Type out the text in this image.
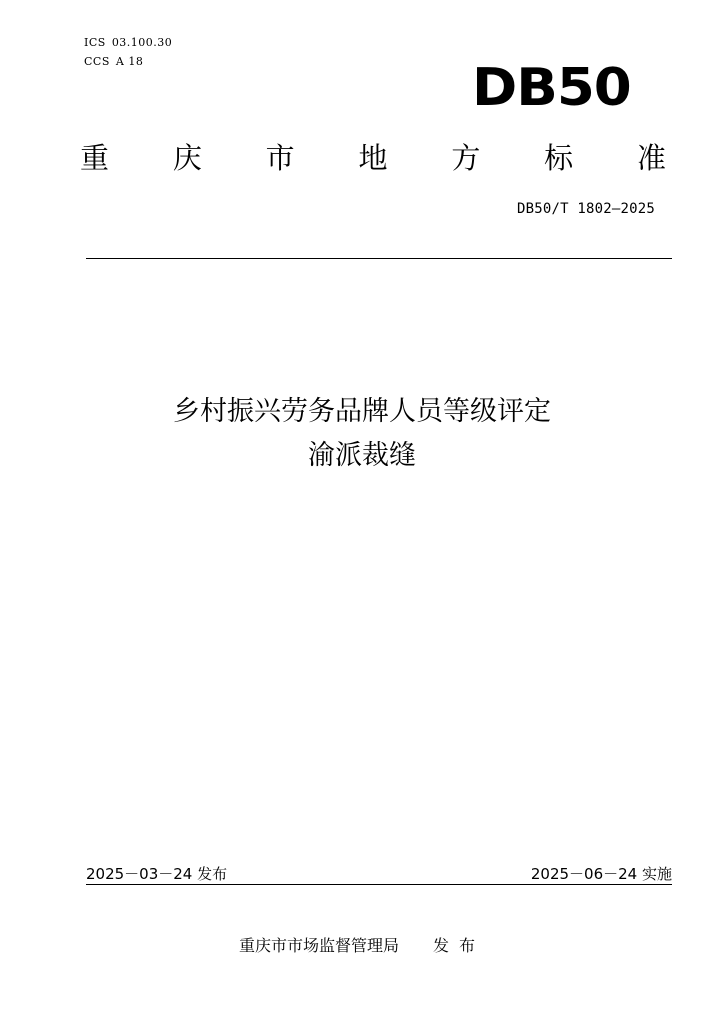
ICS 03.100.30
CCS A 18	DB50
重 庆 市 地 方 标 准
DB50/T 1802—2025
乡村振兴劳务品牌人员等级评定
渝派裁缝
2025－03－24 发布	2025－06－24 实施
重庆市市场监督管理局 发布
